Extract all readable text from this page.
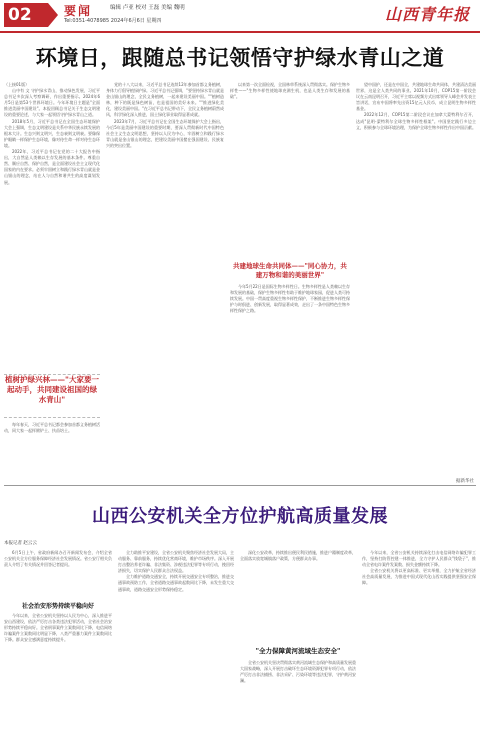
02	要闻	编辑 卢亚 校对 王磊 美编 魏明
Tel:0351-4078985 2024年6月6日 星期四	山西青年报
环境日，跟随总书记领悟守护绿水青山之道

（上接01版）

山中有 文 守护绿水青山，推动绿色发展，习近平总书记多次深入考察调研，作出重要指示。2024年6月5日是第53个世界环境日。今年环境日主题是"全面推进美丽中国建设"。本报回顾总书记关于生态文明建设的重要论述，与大家一起领悟守护绿水青山之道。

2018年5月，习近平总书记在全国生态环境保护大会上强调，生态文明建设是关系中华民族永续发展的根本大计。生态兴则文明兴，生态衰则文明衰。要像保护眼睛一样保护生态环境，像对待生命一样对待生态环境。

2022年，习近平总书记在党的二十大报告中指出，大自然是人类赖以生存发展的基本条件。尊重自然、顺应自然、保护自然，是全面建设社会主义现代化国家的内在要求。必须牢固树立和践行绿水青山就是金山银山的理念，站在人与自然和谐共生的高度谋划发展。

植树护绿兴林——"大家要一起动手，共同建设祖国的绿水青山"

每年春天，习近平总书记都会参加首都义务植树活动，同大家一起挥锹铲土、扶苗培土。

党的十八大以来，习近平总书记连续12年参加首都义务植树，身体力行倡导植绿护绿。习近平总书记强调，"要坚持绿水青山就是金山银山的理念，全民义务植树，一起来建设美丽中国。""植树造林，种下的既是绿色树苗，也是祖国的美好未来。""推进绿化美化，建设美丽中国。"在习近平总书记带动下，全民义务植树蔚然成风，科学绿化深入推进，国土绿化事业取得显著成就。

2023年7月，习近平总书记在全国生态环境保护大会上指出，今后5年是美丽中国建设的重要时期，要深入贯彻新时代中国特色社会主义生态文明思想，坚持以人民为中心，牢固树立和践行绿水青山就是金山银山的理念，把建设美丽中国摆在强国建设、民族复兴的突出位置。

以来第一次全面检视，全国林草系统深入贯彻落实。保护生物多样性——"生物多样性使地球充满生机，也是人类生存和发展的基础"。

共建地球生命共同体——"同心协力，共建万物和谐的美丽世界"

今年5月22日是国际生物多样性日。生物多样性是人类赖以生存和发展的基础，保护生物多样性有助于维护地球家园，促进人类可持续发展。中国一贯高度重视生物多样性保护，不断推进生物多样性保护与时俱进、创新发展，取得显著成效，走出了一条中国特色生物多样性保护之路。

望中国护，还是在中国全，共建地球生命共同体，共建清洁美丽世界，这是全人类共同的事业。2021年10月，COP15第一阶段会议在云南昆明召开，习近平主席以视频方式出席领导人峰会并发表主旨讲话，宣布中国将率先出资15亿元人民币，成立昆明生物多样性基金。

2022年12月，COP15第二阶段会议在加拿大蒙特利尔召开，达成"昆明-蒙特利尔全球生物多样性框架"。中国坚定践行多边主义，积极参与全球环境治理，为保护全球生物多样性作出中国贡献。

据新华社
山西公安机关全方位护航高质量发展
本报记者 赵云云

6月5日上午，省政府新闻办召开新闻发布会，介绍全省公安机关全方位服务保障经济社会发展情况。省公安厅相关负责人介绍了有关情况并回答记者提问。

社会治安形势持续平稳向好

今年以来，全省公安机关坚持以人民为中心，深入推进平安山西建设，依法严厉打击各类违法犯罪活动，全省社会治安形势持续平稳向好。全省刑事案件立案数同比下降，电信网络诈骗案件立案数同比明显下降，八类严重暴力案件立案数同比下降。群众安全感满意度持续提升。

全力助推平安建设，全省公安机关聚焦经济社会发展大局，主动服务、靠前服务，持续优化营商环境，维护市场秩序。深入开展打击整治养老诈骗、非法集资、涉税违法犯罪等专项行动，挽回经济损失，切实保护人民群众合法权益。

全力维护道路交通安全，持续开展交通安全专项整治，推进交通事故预防工作，全省道路交通事故起数同比下降，未发生重大交通事故，道路交通安全形势保持稳定。

深化公安改革，持续推出便民利民措施，推进户籍制度改革，全面落实放宽城镇落户政策，方便群众办事。

"全力保障黄河流域生态安全"

全省公安机关坚决贯彻落实黄河流域生态保护和高质量发展重大国家战略，深入开展打击破坏生态环境资源犯罪专项行动，依法严厉打击非法捕捞、非法采矿、污染环境等违法犯罪，守护黄河安澜。

今年以来，全省公安机关持续深化打击电信网络诈骗犯罪工作，坚持打防管控建一体推进，全力守护人民群众"钱袋子"，推动全省电诈案件发案数、损失金额持续下降。

全省公安机关将以更高标准、更实举措，全力护航全省经济社会高质量发展，为推进中国式现代化山西实践提供坚强安全保障。
